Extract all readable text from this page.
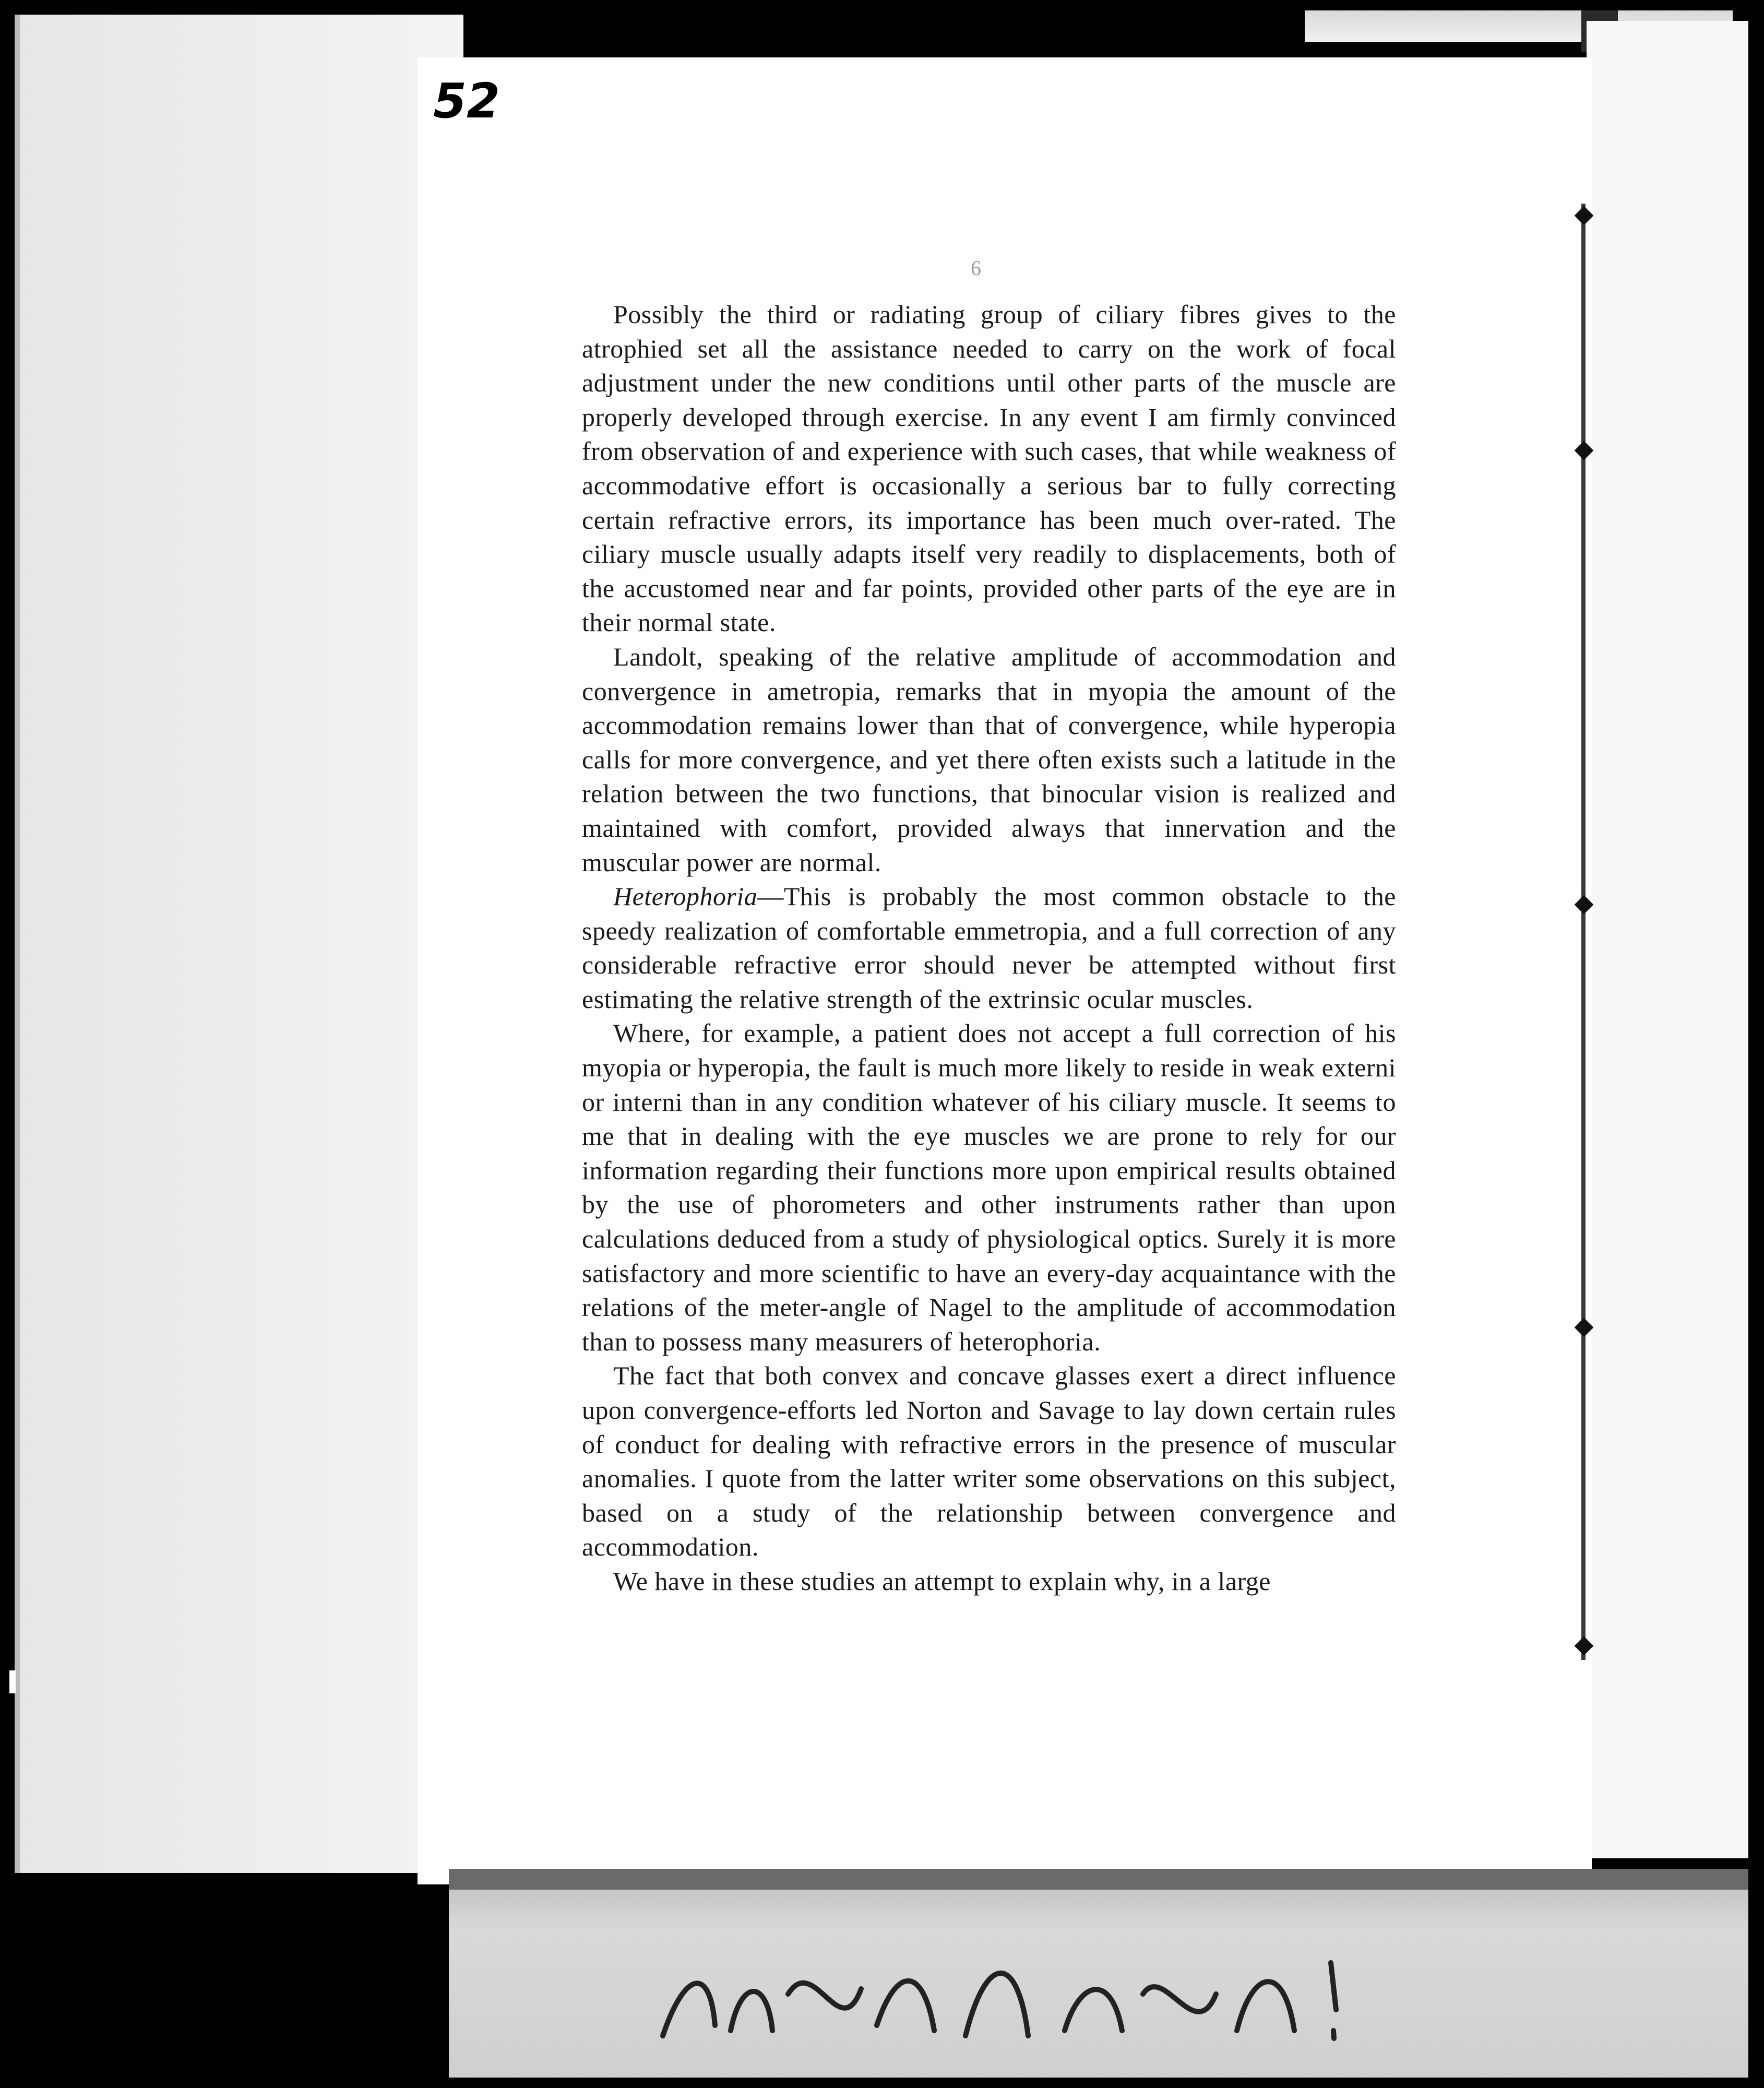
52
6

Possibly the third or radiating group of ciliary fibres gives to the atrophied set all the assistance needed to carry on the work of focal adjustment under the new conditions until other parts of the muscle are properly developed through exercise. In any event I am firmly convinced from observation of and experience with such cases, that while weakness of accommodative effort is occasionally a serious bar to fully correcting certain refractive errors, its importance has been much over-rated. The ciliary muscle usually adapts itself very readily to displacements, both of the accustomed near and far points, provided other parts of the eye are in their normal state.

Landolt, speaking of the relative amplitude of accommodation and convergence in ametropia, remarks that in myopia the amount of the accommodation remains lower than that of convergence, while hyperopia calls for more convergence, and yet there often exists such a latitude in the relation between the two functions, that binocular vision is realized and maintained with comfort, provided always that innervation and the muscular power are normal.

Heterophoria—This is probably the most common obstacle to the speedy realization of comfortable emmetropia, and a full correction of any considerable refractive error should never be attempted without first estimating the relative strength of the extrinsic ocular muscles.

Where, for example, a patient does not accept a full correction of his myopia or hyperopia, the fault is much more likely to reside in weak externi or interni than in any condition whatever of his ciliary muscle. It seems to me that in dealing with the eye muscles we are prone to rely for our information regarding their functions more upon empirical results obtained by the use of phorometers and other instruments rather than upon calculations deduced from a study of physiological optics. Surely it is more satisfactory and more scientific to have an every-day acquaintance with the relations of the meter-angle of Nagel to the amplitude of accommodation than to possess many measurers of heterophoria.

The fact that both convex and concave glasses exert a direct influence upon convergence-efforts led Norton and Savage to lay down certain rules of conduct for dealing with refractive errors in the presence of muscular anomalies. I quote from the latter writer some observations on this subject, based on a study of the relationship between convergence and accommodation.

We have in these studies an attempt to explain why, in a large
